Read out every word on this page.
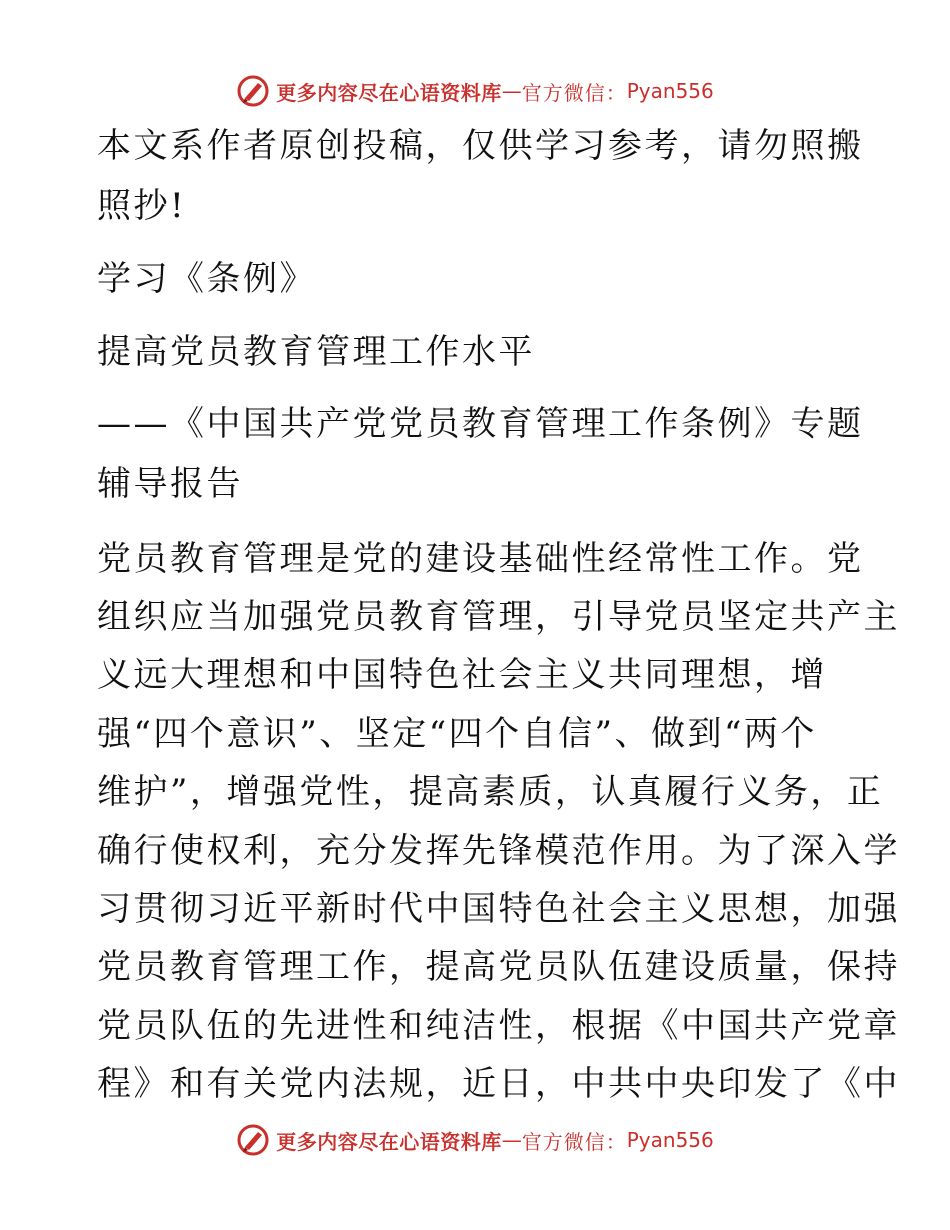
更多内容尽在心语资料库 — 官方微信： Pyan556
本文系作者原创投稿，仅供学习参考，请勿照搬
照抄!
学习《条例》
提高党员教育管理工作水平
——《中国共产党党员教育管理工作条例》专题
辅导报告
党员教育管理是党的建设基础性经常性工作。党
组织应当加强党员教育管理，引导党员坚定共产主
义远大理想和中国特色社会主义共同理想，增
强“四个意识”、坚定“四个自信”、做到“两个
维护”，增强党性，提高素质，认真履行义务，正
确行使权利，充分发挥先锋模范作用。为了深入学
习贯彻习近平新时代中国特色社会主义思想，加强
党员教育管理工作，提高党员队伍建设质量，保持
党员队伍的先进性和纯洁性，根据《中国共产党章
程》和有关党内法规，近日，中共中央印发了《中
更多内容尽在心语资料库 — 官方微信： Pyan556
